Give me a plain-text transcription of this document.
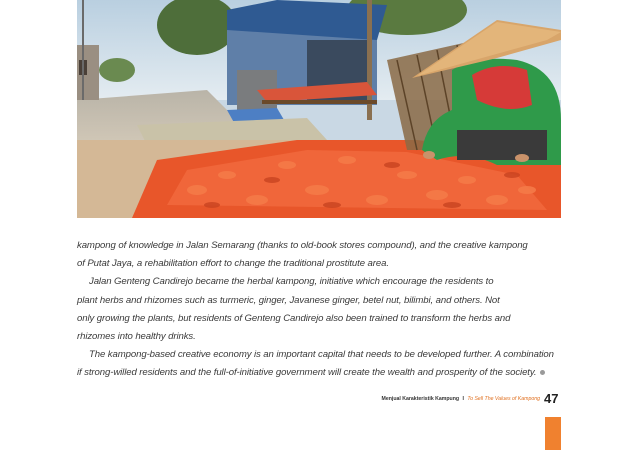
kampong of knowledge in Jalan Semarang (thanks to old-book stores compound), and the creative kampong
of Putat Jaya, a rehabilitation effort to change the traditional prostitute area.
Jalan Genteng Candirejo became the herbal kampong, initiative which encourage the residents to
plant herbs and rhizomes such as turmeric, ginger, Javanese ginger, betel nut, bilimbi, and others. Not
only growing the plants, but residents of Genteng Candirejo also been trained to transform the herbs and
rhizomes into healthy drinks.
The kampong-based creative economy is an important capital that needs to be developed further. A combination
if strong-willed residents and the full-of-initiative government will create the wealth and prosperity of the society.
Menjual Karakteristik Kampung I To Sell The Values of Kampong 47
